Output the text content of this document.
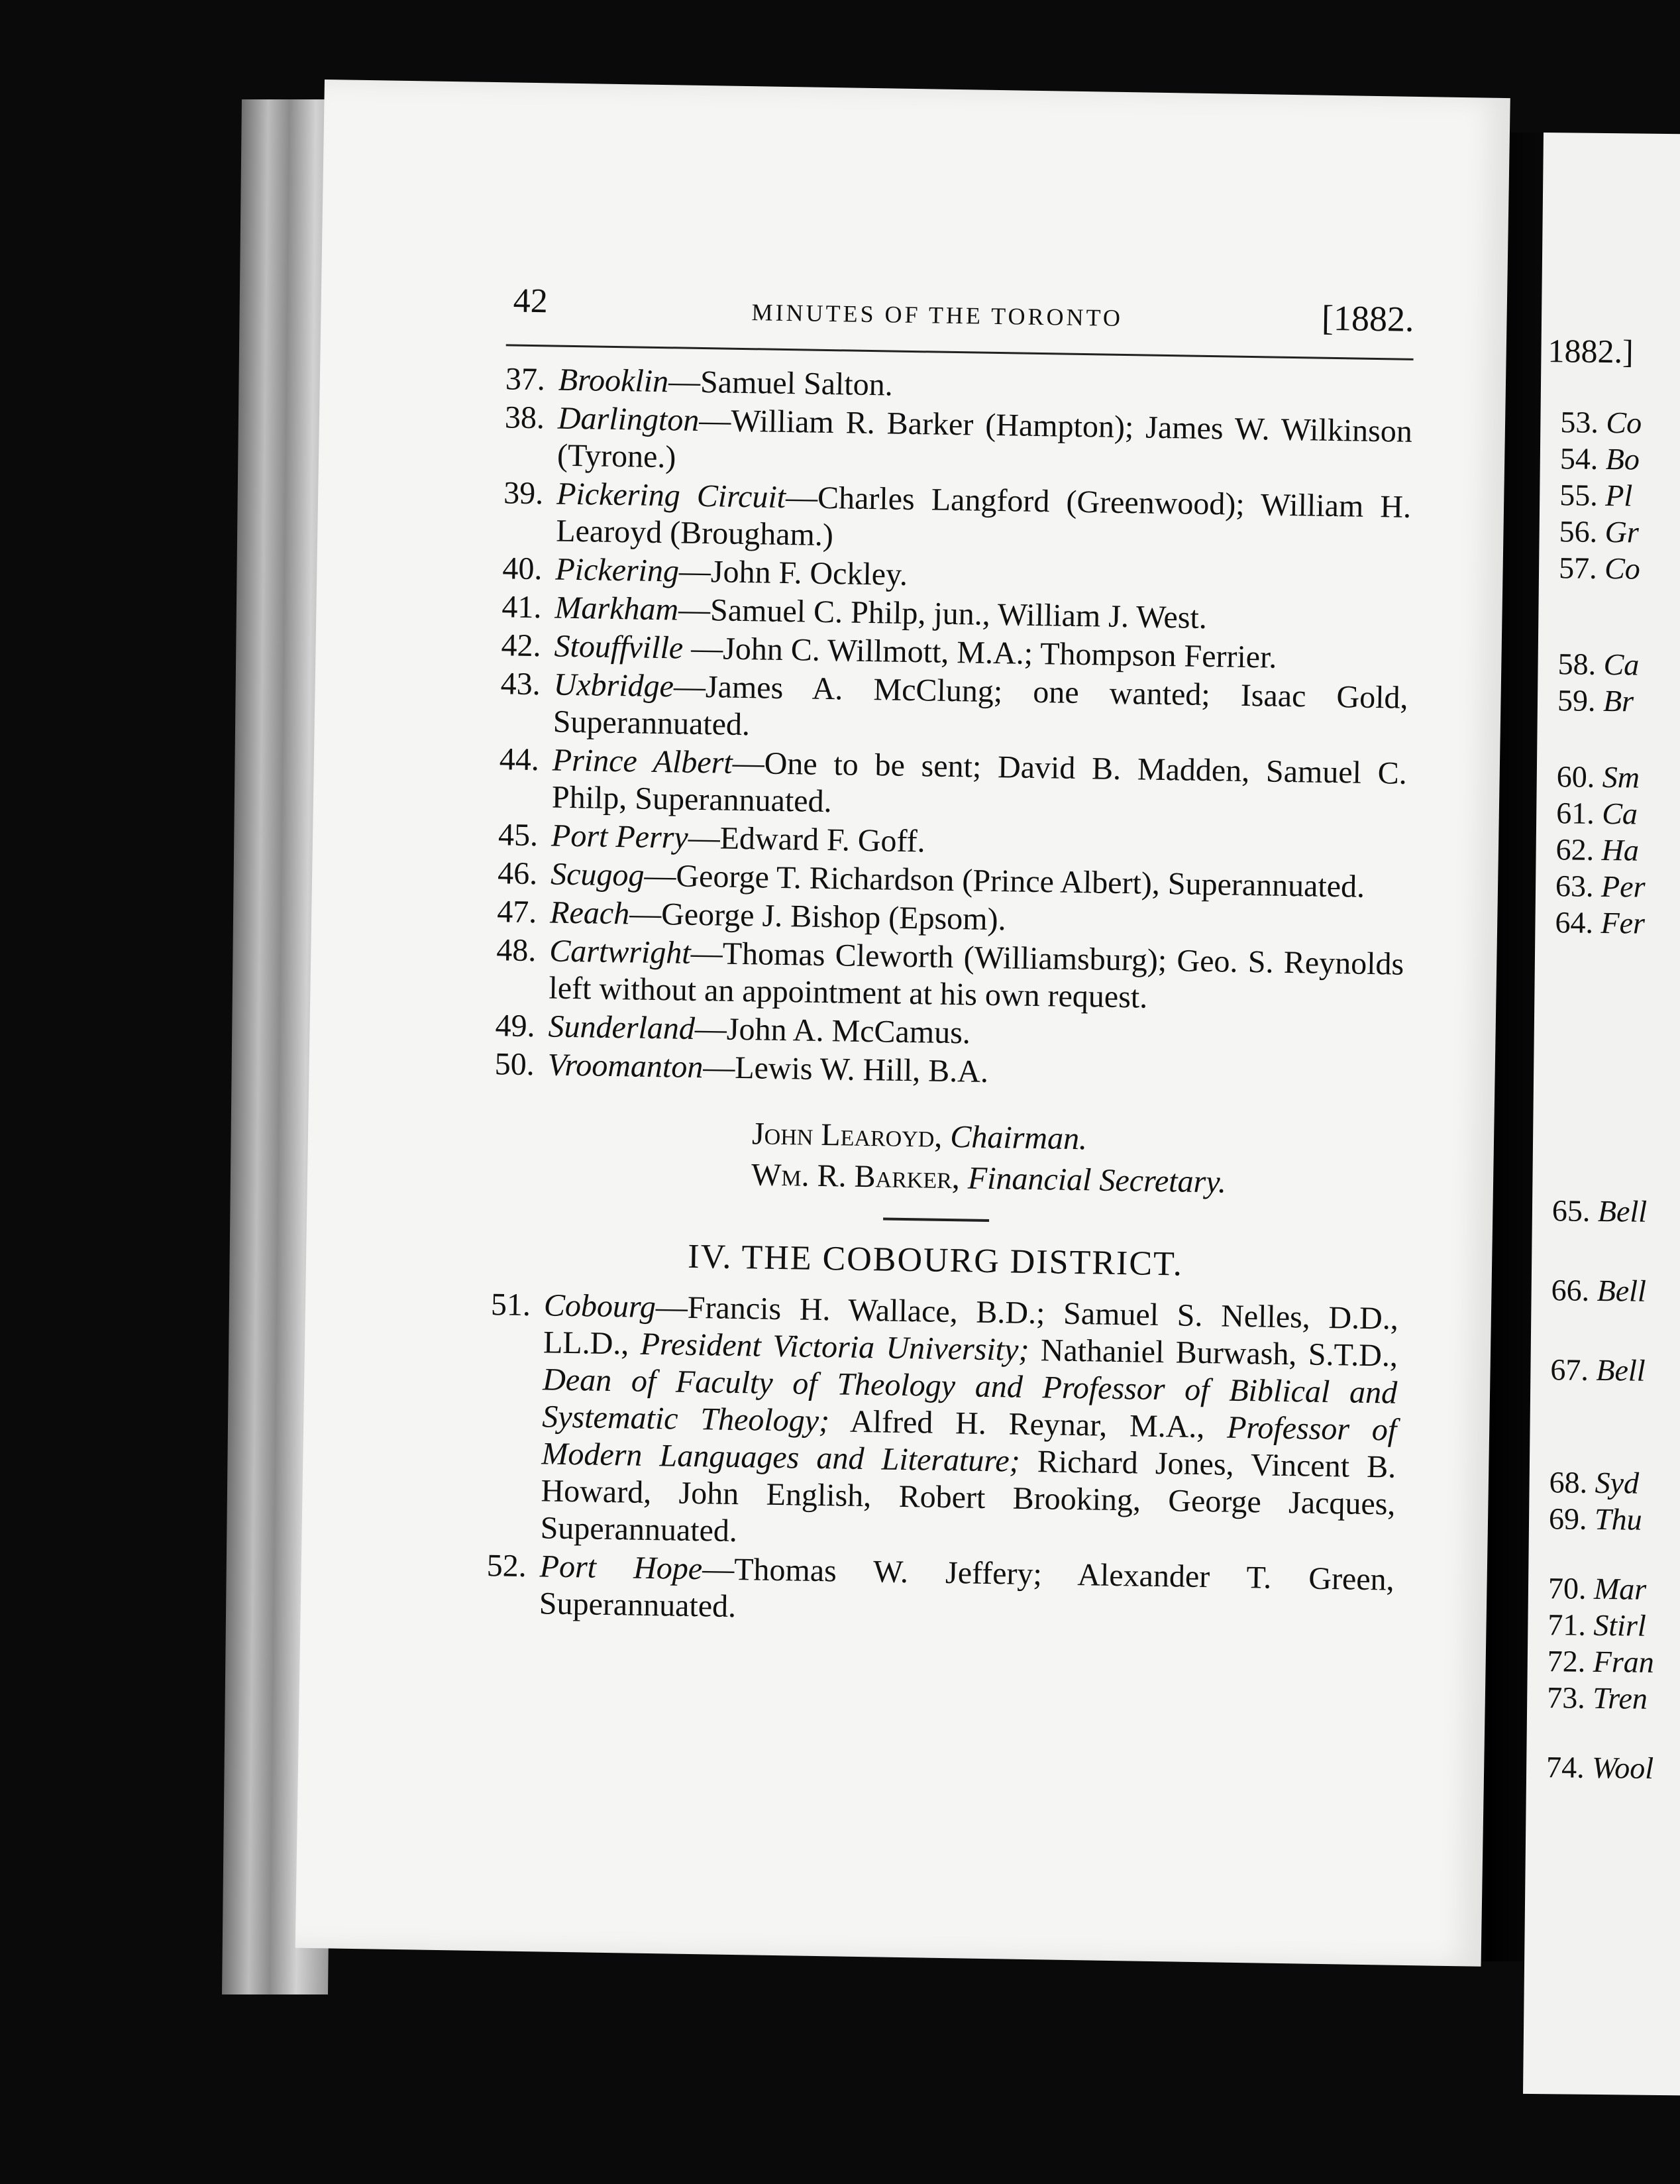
1882.]
53. Co
54. Bo
55. Pl
56. Gr
57. Co
58. Ca
59. Br
60. Sm
61. Ca
62. Ha
63. Per
64. Fer
65. Bell
66. Bell
67. Bell
68. Syd
69. Thu
70. Mar
71. Stirl
72. Fran
73. Tren
74. Wool
42	MINUTES OF THE TORONTO	[1882.
37. Brooklin—Samuel Salton.
38. Darlington—William R. Barker (Hampton); James W. Wilkinson (Tyrone.)
39. Pickering Circuit—Charles Langford (Greenwood); William H. Learoyd (Brougham.)
40. Pickering—John F. Ockley.
41. Markham—Samuel C. Philp, jun., William J. West.
42. Stouffville —John C. Willmott, M.A.; Thompson Ferrier.
43. Uxbridge—James A. McClung; one wanted; Isaac Gold, Superannuated.
44. Prince Albert—One to be sent; David B. Madden, Samuel C. Philp, Superannuated.
45. Port Perry—Edward F. Goff.
46. Scugog—George T. Richardson (Prince Albert), Superannuated.
47. Reach—George J. Bishop (Epsom).
48. Cartwright—Thomas Cleworth (Williamsburg); Geo. S. Reynolds left without an appointment at his own request.
49. Sunderland—John A. McCamus.
50. Vroomanton—Lewis W. Hill, B.A.
John Learoyd, Chairman.
Wm. R. Barker, Financial Secretary.
IV. THE COBOURG DISTRICT.
51. Cobourg—Francis H. Wallace, B.D.; Samuel S. Nelles, D.D., LL.D., President Victoria University; Nathaniel Burwash, S.T.D., Dean of Faculty of Theology and Professor of Biblical and Systematic Theology; Alfred H. Reynar, M.A., Professor of Modern Languages and Literature; Richard Jones, Vincent B. Howard, John English, Robert Brooking, George Jacques, Superannuated.
52. Port Hope—Thomas W. Jeffery; Alexander T. Green, Superannuated.
